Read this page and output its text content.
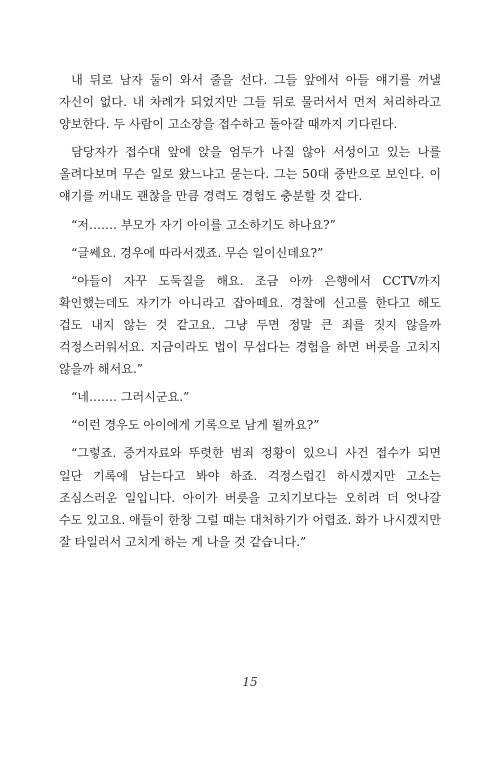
내 뒤로 남자 둘이 와서 줄을 선다. 그들 앞에서 아들 얘기를 꺼낼 자신이 없다. 내 차례가 되었지만 그들 뒤로 물러서서 먼저 처리하라고 양보한다. 두 사람이 고소장을 접수하고 돌아갈 때까지 기다린다.

담당자가 접수대 앞에 앉을 엄두가 나질 않아 서성이고 있는 나를 올려다보며 무슨 일로 왔느냐고 묻는다. 그는 50대 중반으로 보인다. 이 얘기를 꺼내도 괜찮을 만큼 경력도 경험도 충분할 것 같다.

“저……. 부모가 자기 아이를 고소하기도 하나요?”

“글쎄요. 경우에 따라서겠죠. 무슨 일이신데요?”

“아들이 자꾸 도둑질을 해요. 조금 아까 은행에서 CCTV까지 확인했는데도 자기가 아니라고 잡아떼요. 경찰에 신고를 한다고 해도 겁도 내지 않는 것 같고요. 그냥 두면 정말 큰 죄를 짓지 않을까 걱정스러워서요. 지금이라도 법이 무섭다는 경험을 하면 버릇을 고치지 않을까 해서요.”

“네……. 그러시군요.”

“이런 경우도 아이에게 기록으로 남게 될까요?”

“그렇죠. 증거자료와 뚜렷한 범죄 정황이 있으니 사건 접수가 되면 일단 기록에 남는다고 봐야 하죠. 걱정스럽긴 하시겠지만 고소는 조심스러운 일입니다. 아이가 버릇을 고치기보다는 오히려 더 엇나갈 수도 있고요. 애들이 한창 그럴 때는 대처하기가 어렵죠. 화가 나시겠지만 잘 타일러서 고치게 하는 게 나을 것 같습니다.”

15
